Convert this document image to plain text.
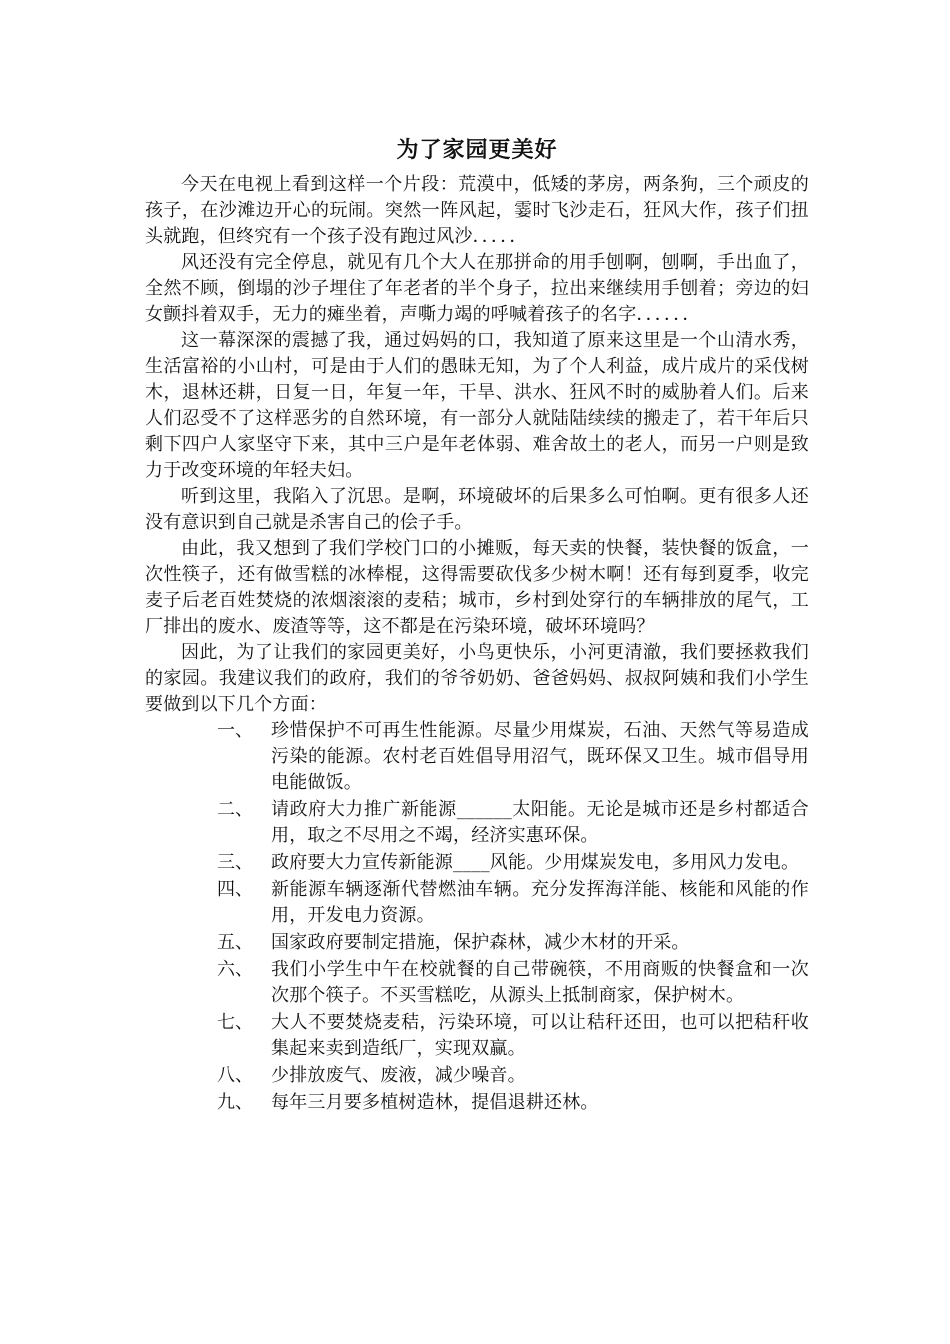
为了家园更美好

今天在电视上看到这样一个片段：荒漠中，低矮的茅房，两条狗，三个顽皮的孩子，在沙滩边开心的玩闹。突然一阵风起，霎时飞沙走石，狂风大作，孩子们扭头就跑，但终究有一个孩子没有跑过风沙．．．．．

风还没有完全停息，就见有几个大人在那拼命的用手刨啊，刨啊，手出血了，全然不顾，倒塌的沙子埋住了年老者的半个身子，拉出来继续用手刨着；旁边的妇女颤抖着双手，无力的瘫坐着，声嘶力竭的呼喊着孩子的名字．．．．．．

这一幕深深的震撼了我，通过妈妈的口，我知道了原来这里是一个山清水秀，生活富裕的小山村，可是由于人们的愚昧无知，为了个人利益，成片成片的采伐树木，退林还耕，日复一日，年复一年，干旱、洪水、狂风不时的威胁着人们。后来人们忍受不了这样恶劣的自然环境，有一部分人就陆陆续续的搬走了，若干年后只剩下四户人家坚守下来，其中三户是年老体弱、难舍故土的老人，而另一户则是致力于改变环境的年轻夫妇。

听到这里，我陷入了沉思。是啊，环境破坏的后果多么可怕啊。更有很多人还没有意识到自己就是杀害自己的侩子手。

由此，我又想到了我们学校门口的小摊贩，每天卖的快餐，装快餐的饭盒，一次性筷子，还有做雪糕的冰棒棍，这得需要砍伐多少树木啊！还有每到夏季，收完麦子后老百姓焚烧的浓烟滚滚的麦秸；城市，乡村到处穿行的车辆排放的尾气，工厂排出的废水、废渣等等，这不都是在污染环境，破坏环境吗？

因此，为了让我们的家园更美好，小鸟更快乐，小河更清澈，我们要拯救我们的家园。我建议我们的政府，我们的爷爷奶奶、爸爸妈妈、叔叔阿姨和我们小学生要做到以下几个方面：

一、	珍惜保护不可再生性能源。尽量少用煤炭，石油、天然气等易造成污染的能源。农村老百姓倡导用沼气，既环保又卫生。城市倡导用电能做饭。
二、	请政府大力推广新能源______太阳能。无论是城市还是乡村都适合用，取之不尽用之不竭，经济实惠环保。
三、	政府要大力宣传新能源____风能。少用煤炭发电，多用风力发电。
四、	新能源车辆逐渐代替燃油车辆。充分发挥海洋能、核能和风能的作用，开发电力资源。
五、	国家政府要制定措施，保护森林，减少木材的开采。
六、	我们小学生中午在校就餐的自己带碗筷，不用商贩的快餐盒和一次次那个筷子。不买雪糕吃，从源头上抵制商家，保护树木。
七、	大人不要焚烧麦秸，污染环境，可以让秸秆还田，也可以把秸秆收集起来卖到造纸厂，实现双赢。
八、	少排放废气、废液，减少噪音。
九、	每年三月要多植树造林，提倡退耕还林。
